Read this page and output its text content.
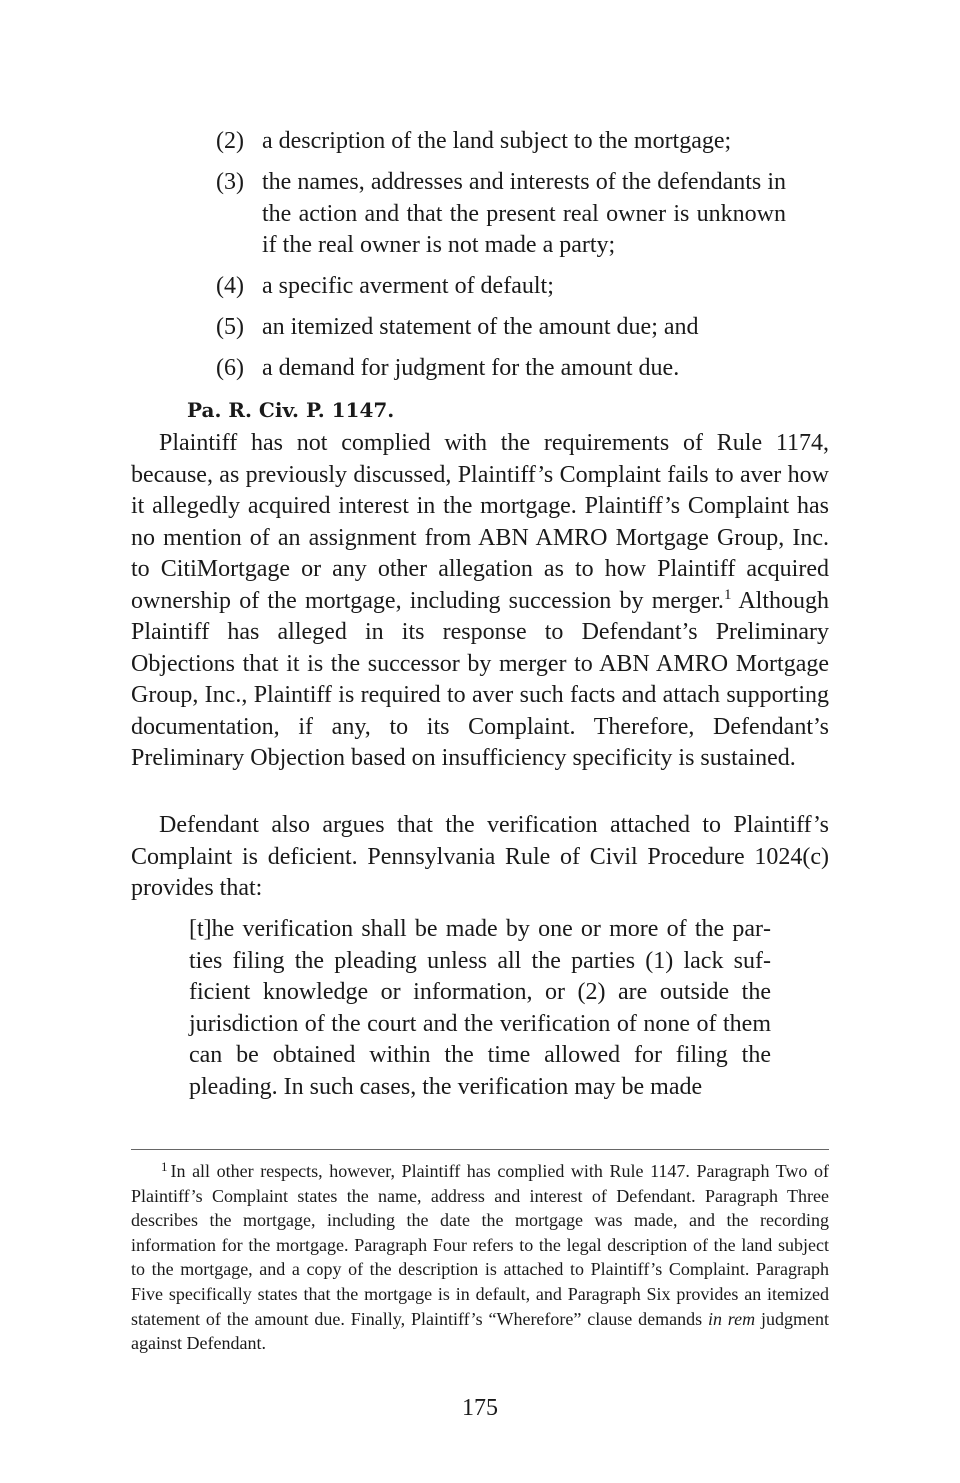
(2) a description of the land subject to the mortgage;
(3) the names, addresses and interests of the defendants in the action and that the present real owner is unknown if the real owner is not made a party;
(4) a specific averment of default;
(5) an itemized statement of the amount due; and
(6) a demand for judgment for the amount due.
Pa. R. Civ. P. 1147.

Plaintiff has not complied with the requirements of Rule 1174, because, as previously discussed, Plaintiff’s Complaint fails to aver how it allegedly acquired interest in the mortgage. Plaintiff’s Complaint has no mention of an assignment from ABN AMRO Mortgage Group, Inc. to CitiMortgage or any other allegation as to how Plaintiff acquired ownership of the mortgage, including succession by merger.$^1$ Although Plaintiff has alleged in its response to Defendant’s Preliminary Objections that it is the successor by merger to ABN AMRO Mortgage Group, Inc., Plaintiff is required to aver such facts and attach supporting documentation, if any, to its Complaint. Therefore, Defendant’s Preliminary Objection based on insufficiency specificity is sustained.

Defendant also argues that the verification attached to Plaintiff’s Complaint is deficient. Pennsylvania Rule of Civil Procedure 1024(c) provides that:

[t]he verification shall be made by one or more of the parties filing the pleading unless all the parties (1) lack sufficient knowledge or information, or (2) are outside the jurisdiction of the court and the verification of none of them can be obtained within the time allowed for filing the pleading. In such cases, the verification may be made

$^1$ In all other respects, however, Plaintiff has complied with Rule 1147. Paragraph Two of Plaintiff’s Complaint states the name, address and interest of Defendant. Paragraph Three describes the mortgage, including the date the mortgage was made, and the recording information for the mortgage. Paragraph Four refers to the legal description of the land subject to the mortgage, and a copy of the description is attached to Plaintiff’s Complaint. Paragraph Five specifically states that the mortgage is in default, and Paragraph Six provides an itemized statement of the amount due. Finally, Plaintiff’s “Wherefore” clause demands in rem judgment against Defendant.

175
